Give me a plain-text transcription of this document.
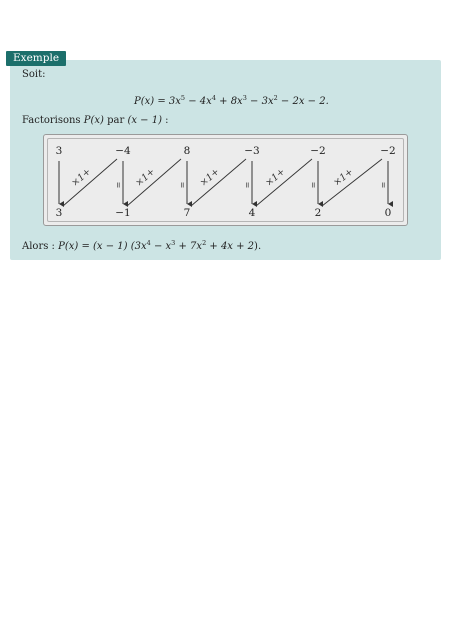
Exemple
Soit:
$P(x) = 3x^5 - 4x^4 + 8x^3 - 3x^2 - 2x - 2$.
Factorisons P(x) par (x − 1) :
3	−4	8	−3	−2	−2
3	−1	7	4	2	0
×1+	= ×1+	= ×1+	= ×1+	= ×1+	=
Alors : P(x) = (x − 1) $(3x^4 - x^3 + 7x^2 + 4x + 2)$.
